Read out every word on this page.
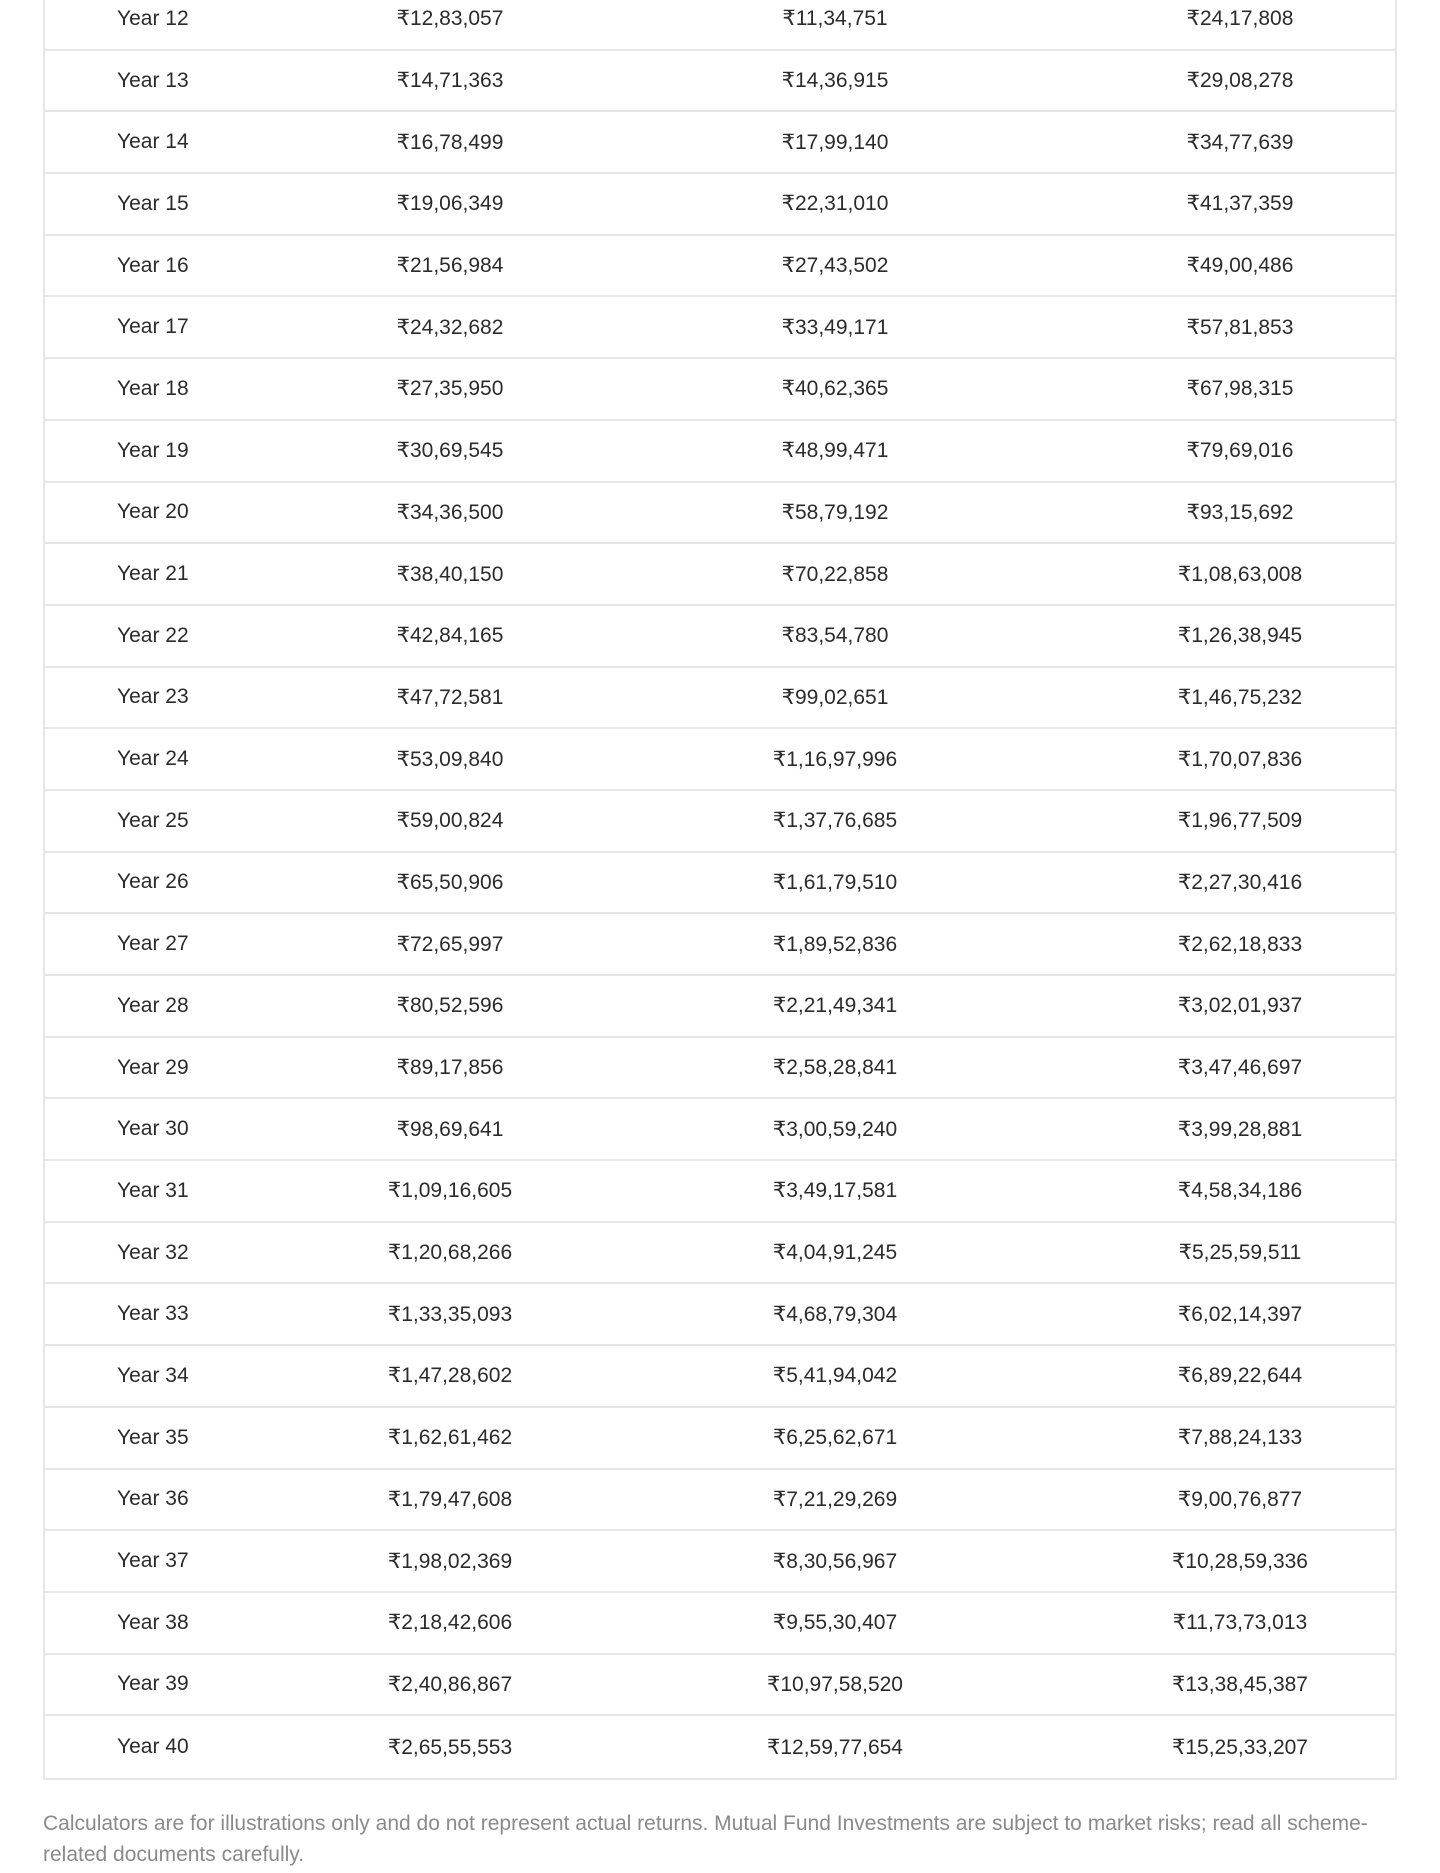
Year 12	₹12,83,057	₹11,34,751	₹24,17,808
Year 13	₹14,71,363	₹14,36,915	₹29,08,278
Year 14	₹16,78,499	₹17,99,140	₹34,77,639
Year 15	₹19,06,349	₹22,31,010	₹41,37,359
Year 16	₹21,56,984	₹27,43,502	₹49,00,486
Year 17	₹24,32,682	₹33,49,171	₹57,81,853
Year 18	₹27,35,950	₹40,62,365	₹67,98,315
Year 19	₹30,69,545	₹48,99,471	₹79,69,016
Year 20	₹34,36,500	₹58,79,192	₹93,15,692
Year 21	₹38,40,150	₹70,22,858	₹1,08,63,008
Year 22	₹42,84,165	₹83,54,780	₹1,26,38,945
Year 23	₹47,72,581	₹99,02,651	₹1,46,75,232
Year 24	₹53,09,840	₹1,16,97,996	₹1,70,07,836
Year 25	₹59,00,824	₹1,37,76,685	₹1,96,77,509
Year 26	₹65,50,906	₹1,61,79,510	₹2,27,30,416
Year 27	₹72,65,997	₹1,89,52,836	₹2,62,18,833
Year 28	₹80,52,596	₹2,21,49,341	₹3,02,01,937
Year 29	₹89,17,856	₹2,58,28,841	₹3,47,46,697
Year 30	₹98,69,641	₹3,00,59,240	₹3,99,28,881
Year 31	₹1,09,16,605	₹3,49,17,581	₹4,58,34,186
Year 32	₹1,20,68,266	₹4,04,91,245	₹5,25,59,511
Year 33	₹1,33,35,093	₹4,68,79,304	₹6,02,14,397
Year 34	₹1,47,28,602	₹5,41,94,042	₹6,89,22,644
Year 35	₹1,62,61,462	₹6,25,62,671	₹7,88,24,133
Year 36	₹1,79,47,608	₹7,21,29,269	₹9,00,76,877
Year 37	₹1,98,02,369	₹8,30,56,967	₹10,28,59,336
Year 38	₹2,18,42,606	₹9,55,30,407	₹11,73,73,013
Year 39	₹2,40,86,867	₹10,97,58,520	₹13,38,45,387
Year 40	₹2,65,55,553	₹12,59,77,654	₹15,25,33,207
Calculators are for illustrations only and do not represent actual returns. Mutual Fund Investments are subject to market risks; read all scheme-related documents carefully.
